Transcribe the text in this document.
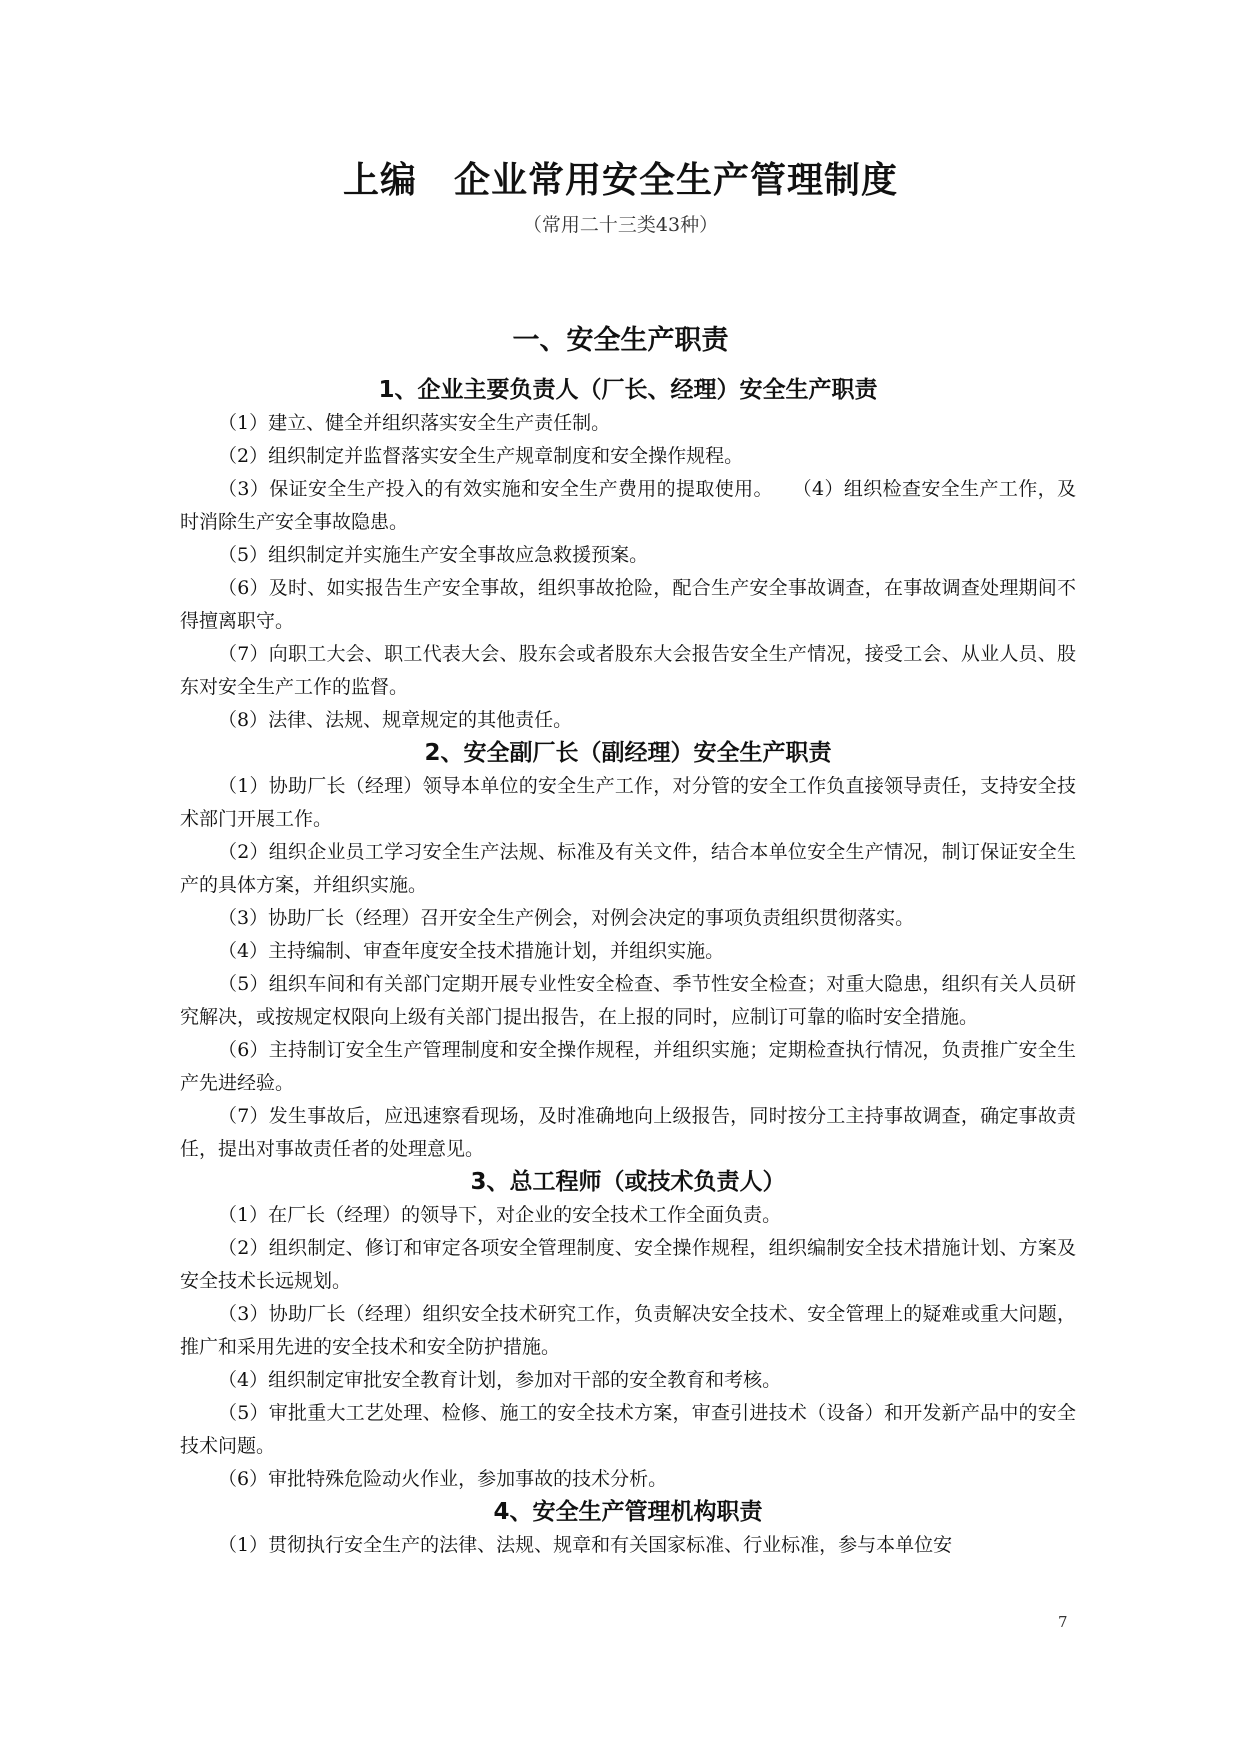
上编　企业常用安全生产管理制度
（常用二十三类43种）
一、安全生产职责
1、企业主要负责人（厂长、经理）安全生产职责

（1）建立、健全并组织落实安全生产责任制。

（2）组织制定并监督落实安全生产规章制度和安全操作规程。

（3）保证安全生产投入的有效实施和安全生产费用的提取使用。　　（4）组织检查安全生产工作，及时消除生产安全事故隐患。

（5）组织制定并实施生产安全事故应急救援预案。

（6）及时、如实报告生产安全事故，组织事故抢险，配合生产安全事故调查，在事故调查处理期间不得擅离职守。

（7）向职工大会、职工代表大会、股东会或者股东大会报告安全生产情况，接受工会、从业人员、股东对安全生产工作的监督。

（8）法律、法规、规章规定的其他责任。

2、安全副厂长（副经理）安全生产职责

（1）协助厂长（经理）领导本单位的安全生产工作，对分管的安全工作负直接领导责任，支持安全技术部门开展工作。

（2）组织企业员工学习安全生产法规、标准及有关文件，结合本单位安全生产情况，制订保证安全生产的具体方案，并组织实施。

（3）协助厂长（经理）召开安全生产例会，对例会决定的事项负责组织贯彻落实。

（4）主持编制、审查年度安全技术措施计划，并组织实施。

（5）组织车间和有关部门定期开展专业性安全检查、季节性安全检查；对重大隐患，组织有关人员研究解决，或按规定权限向上级有关部门提出报告，在上报的同时，应制订可靠的临时安全措施。

（6）主持制订安全生产管理制度和安全操作规程，并组织实施；定期检查执行情况，负责推广安全生产先进经验。

（7）发生事故后，应迅速察看现场，及时准确地向上级报告，同时按分工主持事故调查，确定事故责任，提出对事故责任者的处理意见。

3、总工程师（或技术负责人）

（1）在厂长（经理）的领导下，对企业的安全技术工作全面负责。

（2）组织制定、修订和审定各项安全管理制度、安全操作规程，组织编制安全技术措施计划、方案及安全技术长远规划。

（3）协助厂长（经理）组织安全技术研究工作，负责解决安全技术、安全管理上的疑难或重大问题，推广和采用先进的安全技术和安全防护措施。

（4）组织制定审批安全教育计划，参加对干部的安全教育和考核。

（5）审批重大工艺处理、检修、施工的安全技术方案，审查引进技术（设备）和开发新产品中的安全技术问题。

（6）审批特殊危险动火作业，参加事故的技术分析。

4、安全生产管理机构职责

（1）贯彻执行安全生产的法律、法规、规章和有关国家标准、行业标准，参与本单位安

7
